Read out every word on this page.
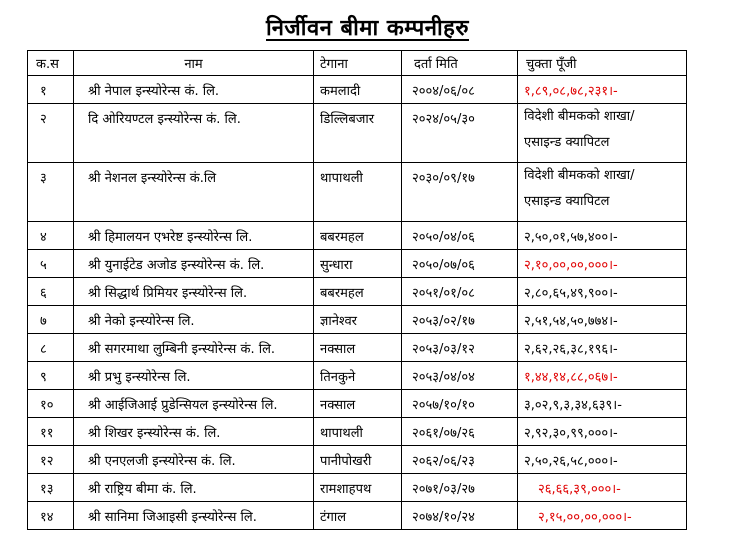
निर्जीवन बीमा कम्पनीहरु
क.स	नाम	टेगाना	दर्ता मिति	चुक्ता पूँजी
१	श्री नेपाल इन्स्योरेन्स कं. लि.	कमलादी	२००४/०६/०८	१,८९,०८,७८,२३१।-
२	दि ओरियण्टल इन्स्योरेन्स कं. लि.	डिल्लिबजार	२०२४/०५/३०	विदेशी बीमकको शाखा/
एसाइन्ड क्यापिटल

३	श्री नेशनल इन्स्योरेन्स कं.लि	थापाथली	२०३०/०९/१७	विदेशी बीमकको शाखा/
एसाइन्ड क्यापिटल

४	श्री हिमालयन एभरेष्ट इन्स्योरेन्स लि.	बबरमहल	२०५०/०४/०६	२,५०,०१,५७,४००।-
५	श्री युनाईटेड अजोड इन्स्योरेन्स कं. लि.	सुन्धारा	२०५०/०७/०६	२,१०,००,००,०००।-
६	श्री सिद्धार्थ प्रिमियर इन्स्योरेन्स लि.	बबरमहल	२०५१/०१/०८	२,८०,६५,४९,९००।-
७	श्री नेको इन्स्योरेन्स लि.	ज्ञानेश्वर	२०५३/०२/१७	२,५१,५४,५०,७७४।-
८	श्री सगरमाथा लुम्बिनी इन्स्योरेन्स कं. लि.	नक्साल	२०५३/०३/१२	२,६२,२६,३८,१९६।-
९	श्री प्रभु इन्स्योरेन्स लि.	तिनकुने	२०५३/०४/०४	१,४४,१४,८८,०६७।-
१०	श्री आईजिआई प्रुडेन्सियल इन्स्योरेन्स लि.	नक्साल	२०५७/१०/१०	३,०२,९,३,३४,६३९।-
११	श्री शिखर इन्स्योरेन्स कं. लि.	थापाथली	२०६१/०७/२६	२,९२,३०,९९,०००।-
१२	श्री एनएलजी इन्स्योरेन्स कं. लि.	पानीपोखरी	२०६२/०६/२३	२,५०,२६,५८,०००।-
१३	श्री राष्ट्रिय बीमा कं. लि.	रामशाहपथ	२०७१/०३/२७	२६,६६,३९,०००।-
१४	श्री सानिमा जिआइसी इन्स्योरेन्स लि.	टंगाल	२०७४/१०/२४	२,१५,००,००,०००।-
